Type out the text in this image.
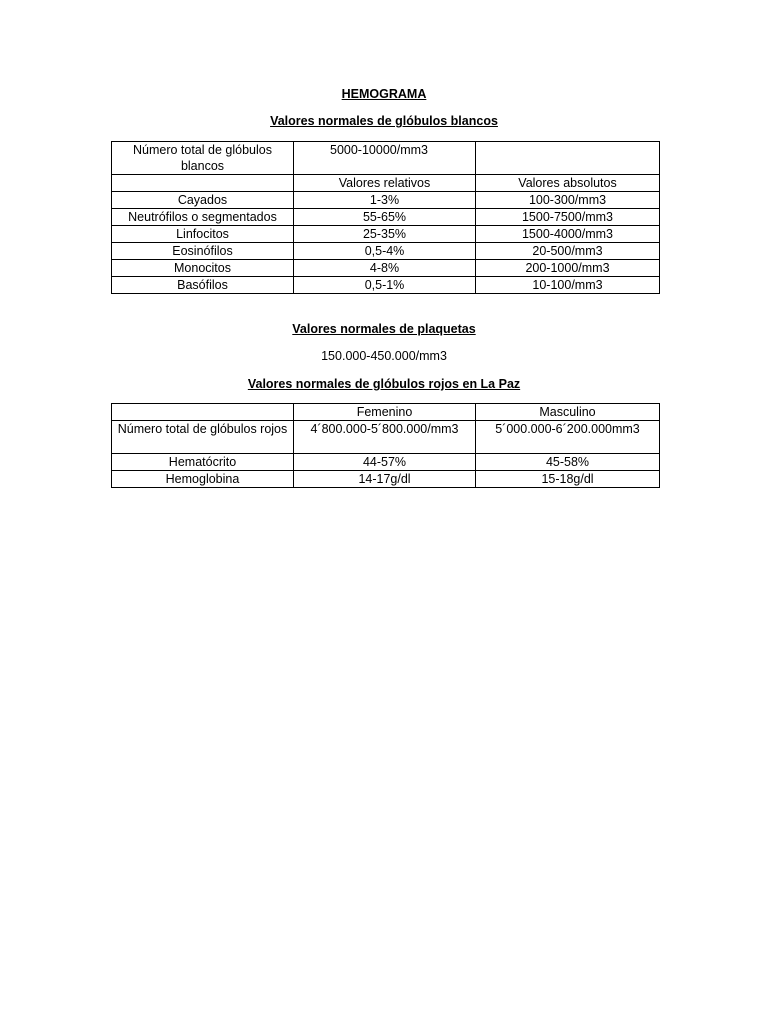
HEMOGRAMA
Valores normales de glóbulos blancos
Número total de glóbulos blancos	5000-10000/mm3	
	Valores relativos	Valores absolutos
Cayados	1-3%	100-300/mm3
Neutrófilos o segmentados	55-65%	1500-7500/mm3
Linfocitos	25-35%	1500-4000/mm3
Eosinófilos	0,5-4%	20-500/mm3
Monocitos	4-8%	200-1000/mm3
Basófilos	0,5-1%	10-100/mm3
Valores normales de plaquetas
150.000-450.000/mm3
Valores normales de glóbulos rojos en La Paz
	Femenino	Masculino
Número total de glóbulos rojos	4´800.000-5´800.000/mm3	5´000.000-6´200.000mm3
Hematócrito	44-57%	45-58%
Hemoglobina	14-17g/dl	15-18g/dl
